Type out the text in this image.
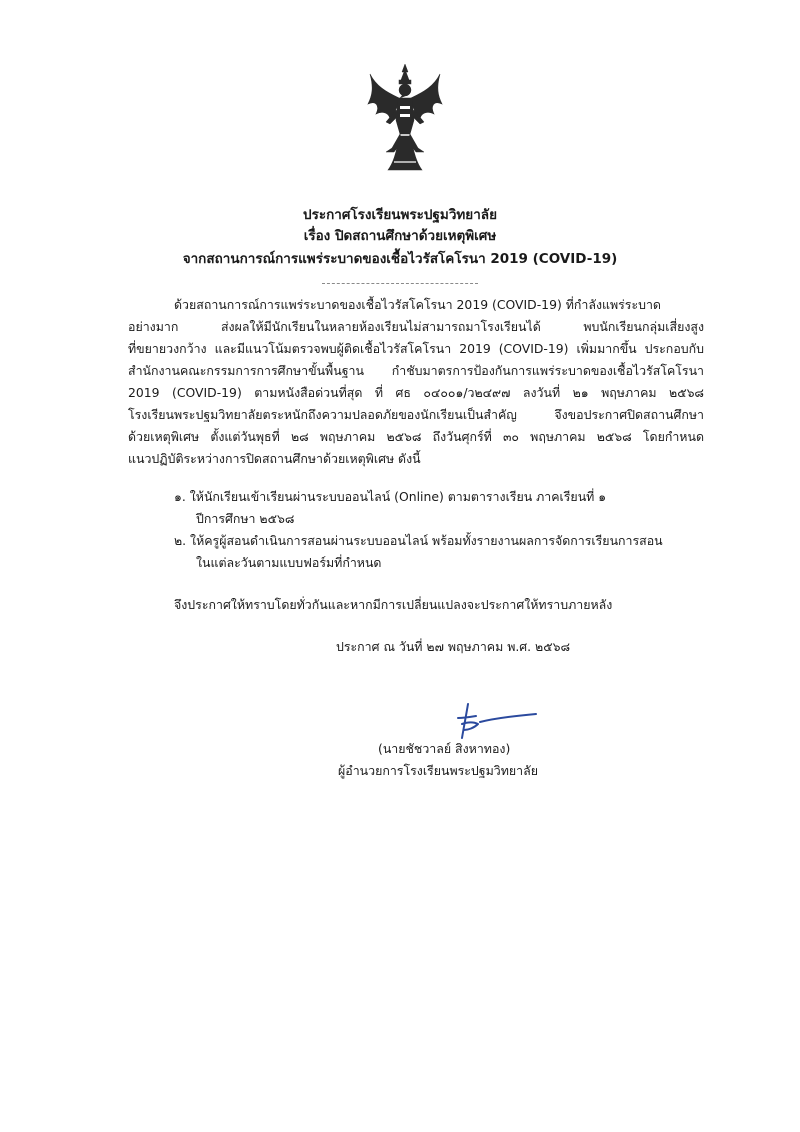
ประกาศโรงเรียนพระปฐมวิทยาลัย
เรื่อง ปิดสถานศึกษาด้วยเหตุพิเศษ
จากสถานการณ์การแพร่ระบาดของเชื้อไวรัสโคโรนา 2019 (COVID-19)
ด้วยสถานการณ์การแพร่ระบาดของเชื้อไวรัสโคโรนา 2019 (COVID-19) ที่กำลังแพร่ระบาด
อย่างมาก ส่งผลให้มีนักเรียนในหลายห้องเรียนไม่สามารถมาโรงเรียนได้ พบนักเรียนกลุ่มเสี่ยงสูง
ที่ขยายวงกว้าง และมีแนวโน้มตรวจพบผู้ติดเชื้อไวรัสโคโรนา 2019 (COVID-19) เพิ่มมากขึ้น ประกอบกับ
สำนักงานคณะกรรมการการศึกษาขั้นพื้นฐาน กำชับมาตรการป้องกันการแพร่ระบาดของเชื้อไวรัสโคโรนา
2019 (COVID-19) ตามหนังสือด่วนที่สุด ที่ ศธ ๐๔๐๐๑/ว๒๔๙๗ ลงวันที่ ๒๑ พฤษภาคม ๒๕๖๘
โรงเรียนพระปฐมวิทยาลัยตระหนักถึงความปลอดภัยของนักเรียนเป็นสำคัญ จึงขอประกาศปิดสถานศึกษา
ด้วยเหตุพิเศษ ตั้งแต่วันพุธที่ ๒๘ พฤษภาคม ๒๕๖๘ ถึงวันศุกร์ที่ ๓๐ พฤษภาคม ๒๕๖๘ โดยกำหนด
แนวปฏิบัติระหว่างการปิดสถานศึกษาด้วยเหตุพิเศษ ดังนี้
๑. ให้นักเรียนเข้าเรียนผ่านระบบออนไลน์ (Online) ตามตารางเรียน ภาคเรียนที่ ๑
ปีการศึกษา ๒๕๖๘
๒. ให้ครูผู้สอนดำเนินการสอนผ่านระบบออนไลน์ พร้อมทั้งรายงานผลการจัดการเรียนการสอน
ในแต่ละวันตามแบบฟอร์มที่กำหนด
จึงประกาศให้ทราบโดยทั่วกันและหากมีการเปลี่ยนแปลงจะประกาศให้ทราบภายหลัง
ประกาศ ณ วันที่ ๒๗ พฤษภาคม พ.ศ. ๒๕๖๘
(นายชัชวาลย์ สิงหาทอง)
ผู้อำนวยการโรงเรียนพระปฐมวิทยาลัย
